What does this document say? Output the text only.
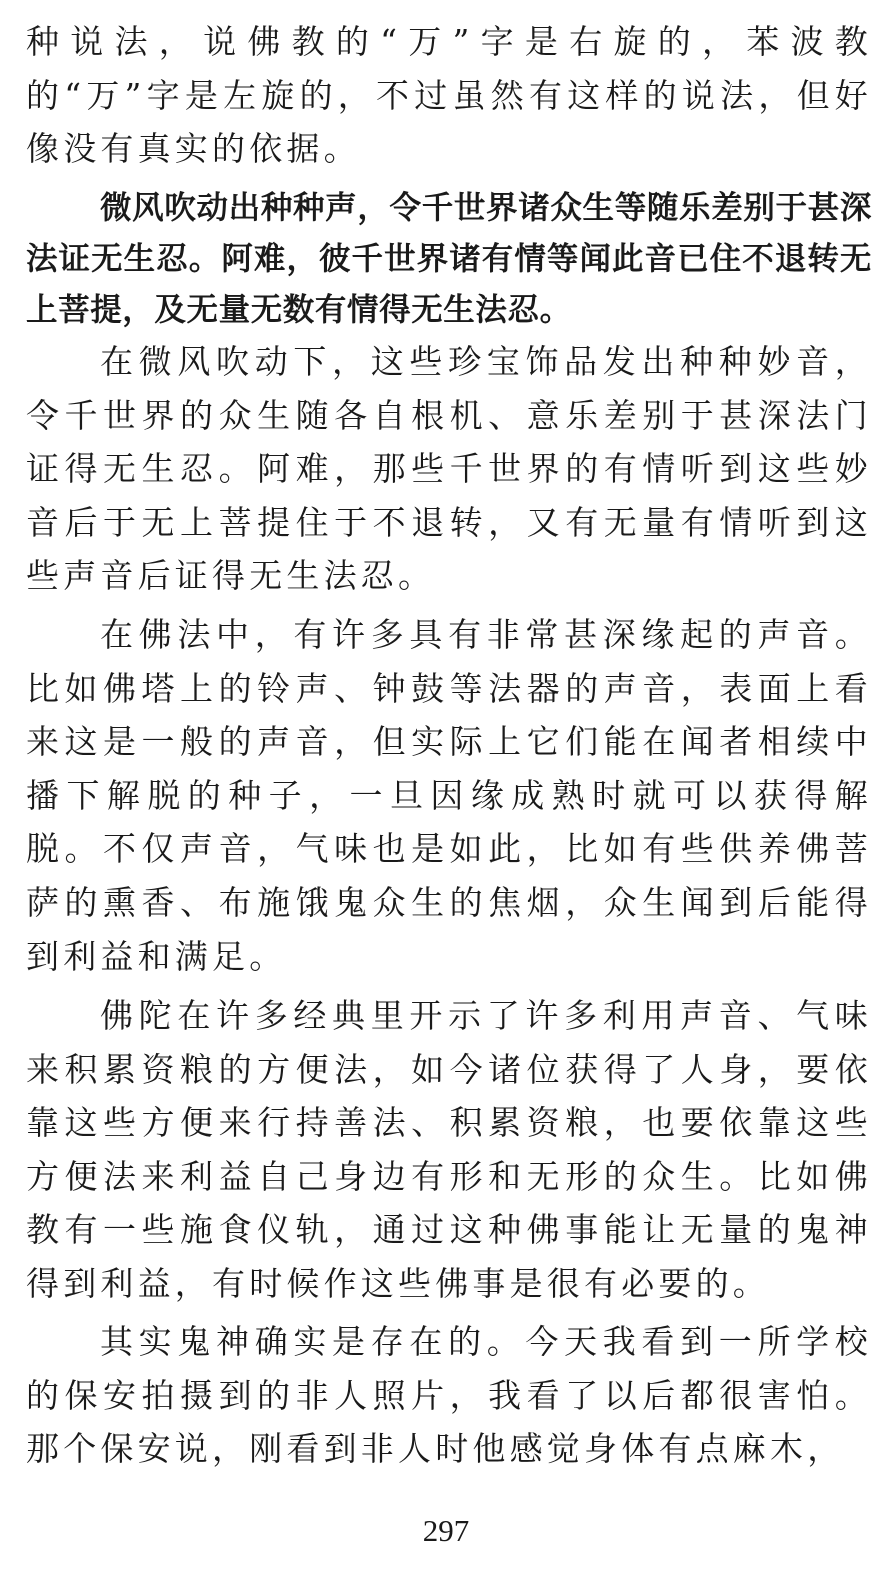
种说法，说佛教的“万”字是右旋的，苯波教的“万”字是左旋的，不过虽然有这样的说法，但好像没有真实的依据。

微风吹动出种种声，令千世界诸众生等随乐差别于甚深法证无生忍。阿难，彼千世界诸有情等闻此音已住不退转无上菩提，及无量无数有情得无生法忍。

在微风吹动下，这些珍宝饰品发出种种妙音，令千世界的众生随各自根机、意乐差别于甚深法门证得无生忍。阿难，那些千世界的有情听到这些妙音后于无上菩提住于不退转，又有无量有情听到这些声音后证得无生法忍。

在佛法中，有许多具有非常甚深缘起的声音。比如佛塔上的铃声、钟鼓等法器的声音，表面上看来这是一般的声音，但实际上它们能在闻者相续中播下解脱的种子，一旦因缘成熟时就可以获得解脱。不仅声音，气味也是如此，比如有些供养佛菩萨的熏香、布施饿鬼众生的焦烟，众生闻到后能得到利益和满足。

佛陀在许多经典里开示了许多利用声音、气味来积累资粮的方便法，如今诸位获得了人身，要依靠这些方便来行持善法、积累资粮，也要依靠这些方便法来利益自己身边有形和无形的众生。比如佛教有一些施食仪轨，通过这种佛事能让无量的鬼神得到利益，有时候作这些佛事是很有必要的。

其实鬼神确实是存在的。今天我看到一所学校的保安拍摄到的非人照片，我看了以后都很害怕。那个保安说，刚看到非人时他感觉身体有点麻木，

297
